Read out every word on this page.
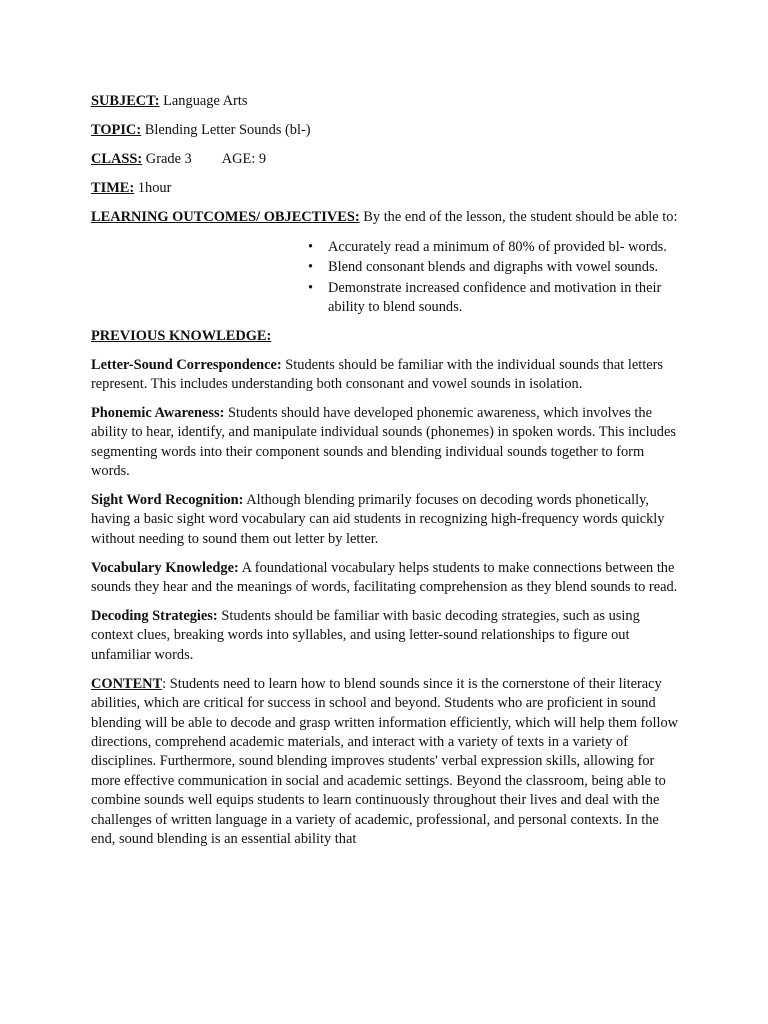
SUBJECT: Language Arts

TOPIC: Blending Letter Sounds (bl-)

CLASS: Grade 3 AGE: 9

TIME: 1hour

LEARNING OUTCOMES/ OBJECTIVES: By the end of the lesson, the student should be able to:

• Accurately read a minimum of 80% of provided bl- words.
• Blend consonant blends and digraphs with vowel sounds.
• Demonstrate increased confidence and motivation in their ability to blend sounds.

PREVIOUS KNOWLEDGE:

Letter-Sound Correspondence: Students should be familiar with the individual sounds that letters represent. This includes understanding both consonant and vowel sounds in isolation.

Phonemic Awareness: Students should have developed phonemic awareness, which involves the ability to hear, identify, and manipulate individual sounds (phonemes) in spoken words. This includes segmenting words into their component sounds and blending individual sounds together to form words.

Sight Word Recognition: Although blending primarily focuses on decoding words phonetically, having a basic sight word vocabulary can aid students in recognizing high-frequency words quickly without needing to sound them out letter by letter.

Vocabulary Knowledge: A foundational vocabulary helps students to make connections between the sounds they hear and the meanings of words, facilitating comprehension as they blend sounds to read.

Decoding Strategies: Students should be familiar with basic decoding strategies, such as using context clues, breaking words into syllables, and using letter-sound relationships to figure out unfamiliar words.

CONTENT: Students need to learn how to blend sounds since it is the cornerstone of their literacy abilities, which are critical for success in school and beyond. Students who are proficient in sound blending will be able to decode and grasp written information efficiently, which will help them follow directions, comprehend academic materials, and interact with a variety of texts in a variety of disciplines. Furthermore, sound blending improves students' verbal expression skills, allowing for more effective communication in social and academic settings. Beyond the classroom, being able to combine sounds well equips students to learn continuously throughout their lives and deal with the challenges of written language in a variety of academic, professional, and personal contexts. In the end, sound blending is an essential ability that
